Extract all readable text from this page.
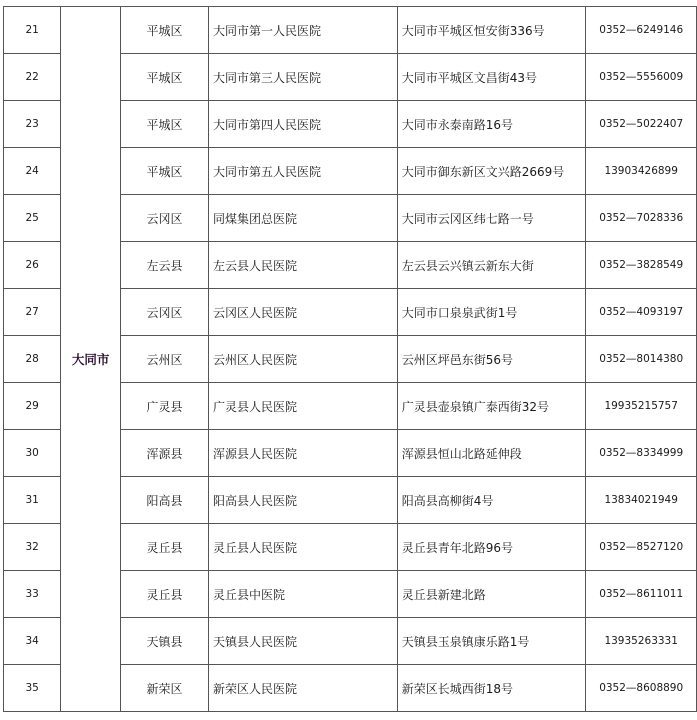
21	大同市	平城区	大同市第一人民医院	大同市平城区恒安街336号	0352—6249146
22		平城区	大同市第三人民医院	大同市平城区文昌街43号	0352—5556009
23		平城区	大同市第四人民医院	大同市永泰南路16号	0352—5022407
24		平城区	大同市第五人民医院	大同市御东新区文兴路2669号	13903426899
25		云冈区	同煤集团总医院	大同市云冈区纬七路一号	0352—7028336
26		左云县	左云县人民医院	左云县云兴镇云新东大街	0352—3828549
27		云冈区	云冈区人民医院	大同市口泉泉武街1号	0352—4093197
28		云州区	云州区人民医院	云州区坪邑东街56号	0352—8014380
29		广灵县	广灵县人民医院	广灵县壶泉镇广泰西街32号	19935215757
30		浑源县	浑源县人民医院	浑源县恒山北路延伸段	0352—8334999
31		阳高县	阳高县人民医院	阳高县高柳街4号	13834021949
32		灵丘县	灵丘县人民医院	灵丘县青年北路96号	0352—8527120
33		灵丘县	灵丘县中医院	灵丘县新建北路	0352—8611011
34		天镇县	天镇县人民医院	天镇县玉泉镇康乐路1号	13935263331
35		新荣区	新荣区人民医院	新荣区长城西街18号	0352—8608890
